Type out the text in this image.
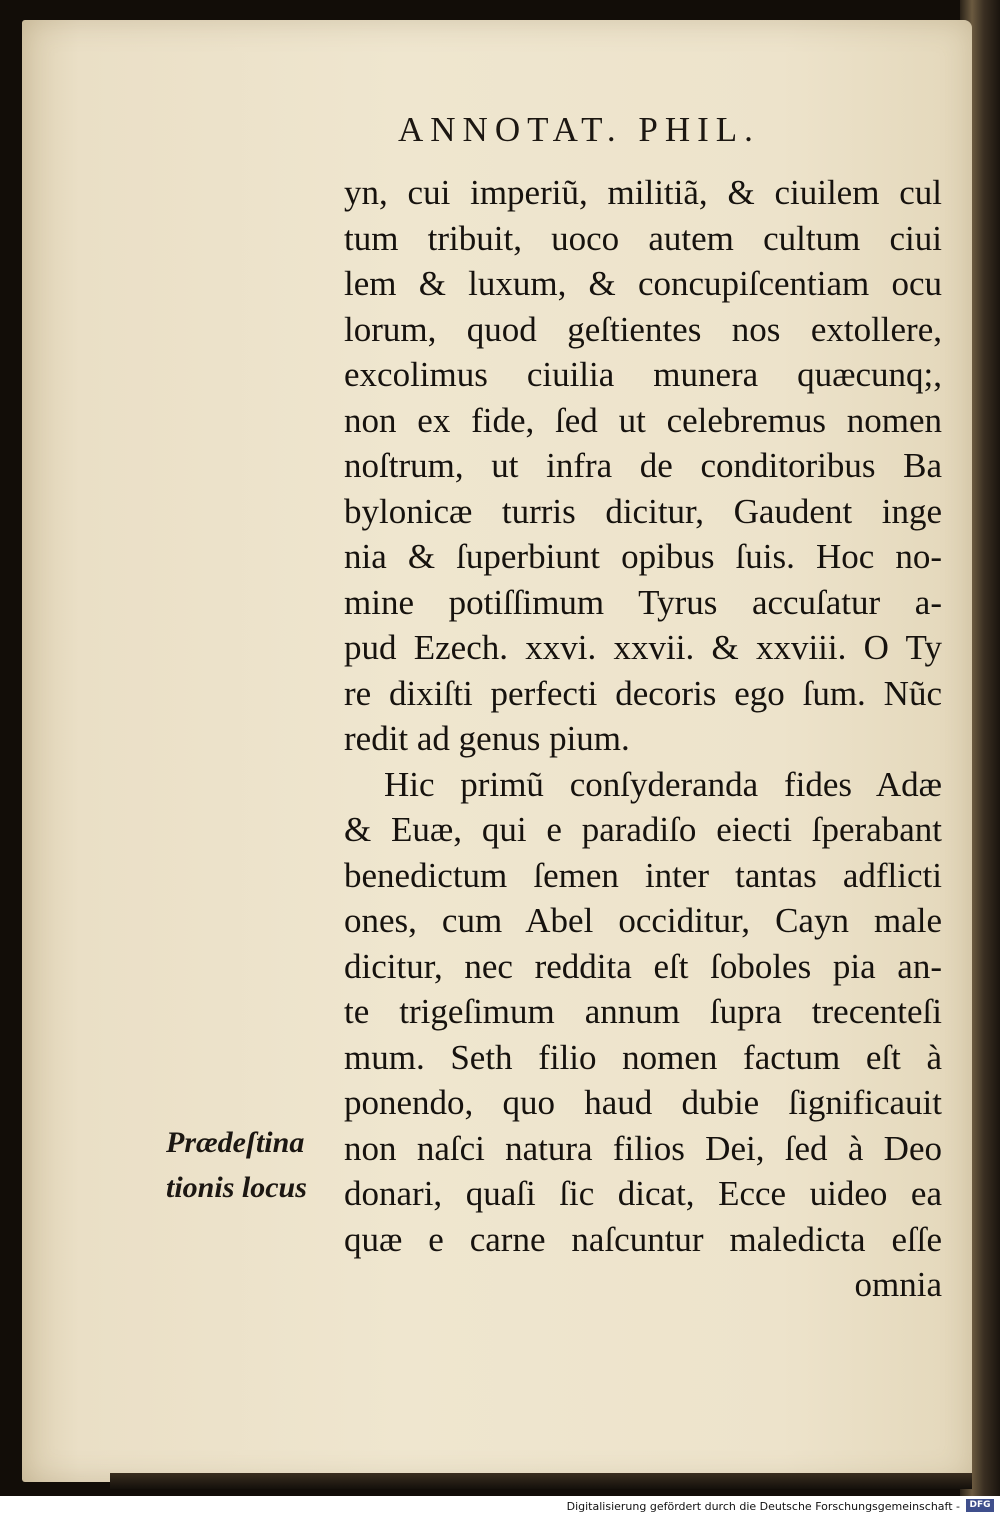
ANNOTAT. PHIL.
yn, cui imperiũ, militiã, & ciuilem cul
tum tribuit, uoco autem cultum ciui
lem & luxum, & concupiſcentiam ocu
lorum, quod geſtientes nos extollere,
excolimus ciuilia munera quæcunq;,
non ex fide, ſed ut celebremus nomen
noſtrum, ut infra de conditoribus Ba
bylonicæ turris dicitur, Gaudent inge
nia & ſuperbiunt opibus ſuis. Hoc no-
mine potiſſimum Tyrus accuſatur a-
pud Ezech. xxvi. xxvii. & xxviii. O Ty
re dixiſti perfecti decoris ego ſum. Nũc
redit ad genus pium.
Hic primũ conſyderanda fides Adæ
& Euæ, qui e paradiſo eiecti ſperabant
benedictum ſemen inter tantas adflicti
ones, cum Abel occiditur, Cayn male
dicitur, nec reddita eſt ſoboles pia an-
te trigeſimum annum ſupra trecenteſi
mum. Seth filio nomen factum eſt à
ponendo, quo haud dubie ſignificauit
non naſci natura filios Dei, ſed à Deo
donari, quaſi ſic dicat, Ecce uideo ea
quæ e carne naſcuntur maledicta eſſe
omnia
Prædeſtina
tionis locus
Digitalisierung gefördert durch die Deutsche Forschungsgemeinschaft -	DFG
